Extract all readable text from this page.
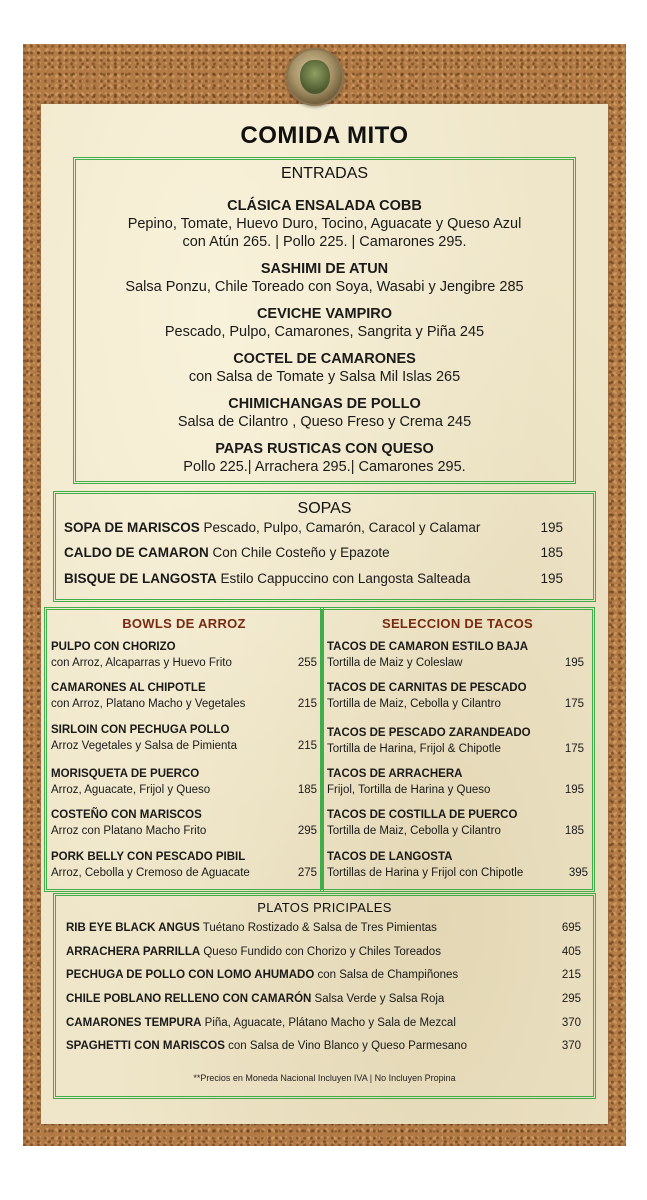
COMIDA MITO
ENTRADAS
CLÁSICA ENSALADA COBB
Pepino, Tomate, Huevo Duro, Tocino, Aguacate y Queso Azul
con Atún 265. | Pollo 225. | Camarones 295.
SASHIMI DE ATUN
Salsa Ponzu, Chile Toreado con Soya, Wasabi y Jengibre 285
CEVICHE VAMPIRO
Pescado, Pulpo, Camarones, Sangrita y Piña 245
COCTEL DE CAMARONES
con Salsa de Tomate y Salsa Mil Islas 265
CHIMICHANGAS DE POLLO
Salsa de Cilantro , Queso Freso y Crema 245
PAPAS RUSTICAS CON QUESO
Pollo 225.| Arrachera 295.| Camarones 295.
SOPAS
SOPA DE MARISCOS Pescado, Pulpo, Camarón, Caracol y Calamar	195
CALDO DE CAMARON Con Chile Costeño y Epazote	185
BISQUE DE LANGOSTA Estilo Cappuccino con Langosta Salteada	195
BOWLS DE ARROZ
PULPO CON CHORIZO
con Arroz, Alcaparras y Huevo Frito	255
CAMARONES AL CHIPOTLE
con Arroz, Platano Macho y Vegetales	215
SIRLOIN CON PECHUGA POLLO
Arroz Vegetales y Salsa de Pimienta	215
MORISQUETA DE PUERCO
Arroz, Aguacate, Frijol y Queso	185
COSTEÑO CON MARISCOS
Arroz con Platano Macho Frito	295
PORK BELLY CON PESCADO PIBIL
Arroz, Cebolla y Cremoso de Aguacate	275
SELECCION DE TACOS
TACOS DE CAMARON ESTILO BAJA
Tortilla de Maiz y Coleslaw	195
TACOS DE CARNITAS DE PESCADO
Tortilla de Maiz, Cebolla y Cilantro	175
TACOS DE PESCADO ZARANDEADO
Tortilla de Harina, Frijol & Chipotle	175
TACOS DE ARRACHERA
Frijol, Tortilla de Harina y Queso	195
TACOS DE COSTILLA DE PUERCO
Tortilla de Maiz, Cebolla y Cilantro	185
TACOS DE LANGOSTA
Tortillas de Harina y Frijol con Chipotle	395
PLATOS PRICIPALES
RIB EYE BLACK ANGUS Tuétano Rostizado & Salsa de Tres Pimientas	695
ARRACHERA PARRILLA Queso Fundido con Chorizo y Chiles Toreados	405
PECHUGA DE POLLO CON LOMO AHUMADO con Salsa de Champiñones	215
CHILE POBLANO RELLENO CON CAMARÓN Salsa Verde y Salsa Roja	295
CAMARONES TEMPURA Piña, Aguacate, Plátano Macho y Sala de Mezcal	370
SPAGHETTI CON MARISCOS con Salsa de Vino Blanco y Queso Parmesano	370
**Precios en Moneda Nacional Incluyen IVA | No Incluyen Propina
